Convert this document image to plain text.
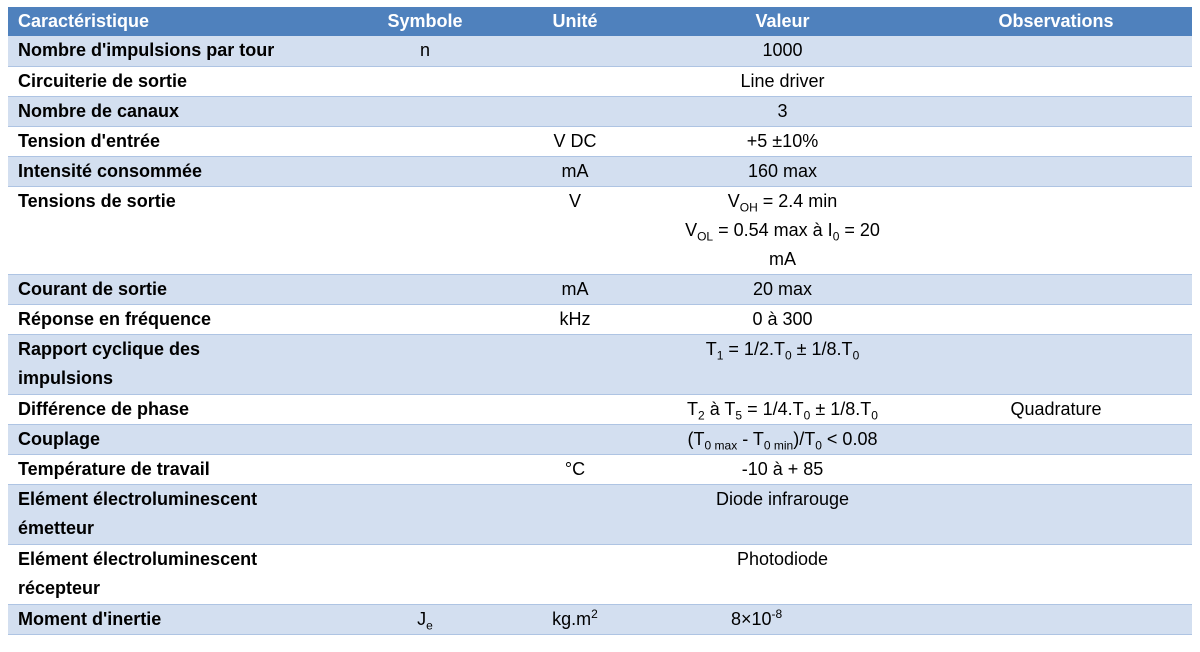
Caractéristique	Symbole	Unité	Valeur	Observations
Nombre d'impulsions par tour	n		1000	
Circuiterie de sortie			Line driver	
Nombre de canaux			3	
Tension d'entrée		V DC	+5 ±10%	
Intensité consommée		mA	160 max	
Tensions de sortie		V	$V_{OH} = 2.4$ min
$V_{OL} = 0.54$ max à $I_0 = 20$
mA	

Courant de sortie		mA	20 max	
Réponse en fréquence		kHz	0 à 300	

Rapport cyclique des
impulsions			$T_1 = 1/2.T_0 \pm 1/8.T_0$	
Différence de phase			$T_2$ à $T_5 = 1/4.T_0 \pm 1/8.T_0$	Quadrature
Couplage			$(T_{0 max} - T_{0 min})/T_0 < 0.08$	
Température de travail		°C	-10 à + 85	

Elément électroluminescent
émetteur			Diode infrarouge	

Elément électroluminescent
récepteur			Photodiode	
Moment d'inertie	$J_e$	$kg.m^2$	$8\times 10^{-8}$	
